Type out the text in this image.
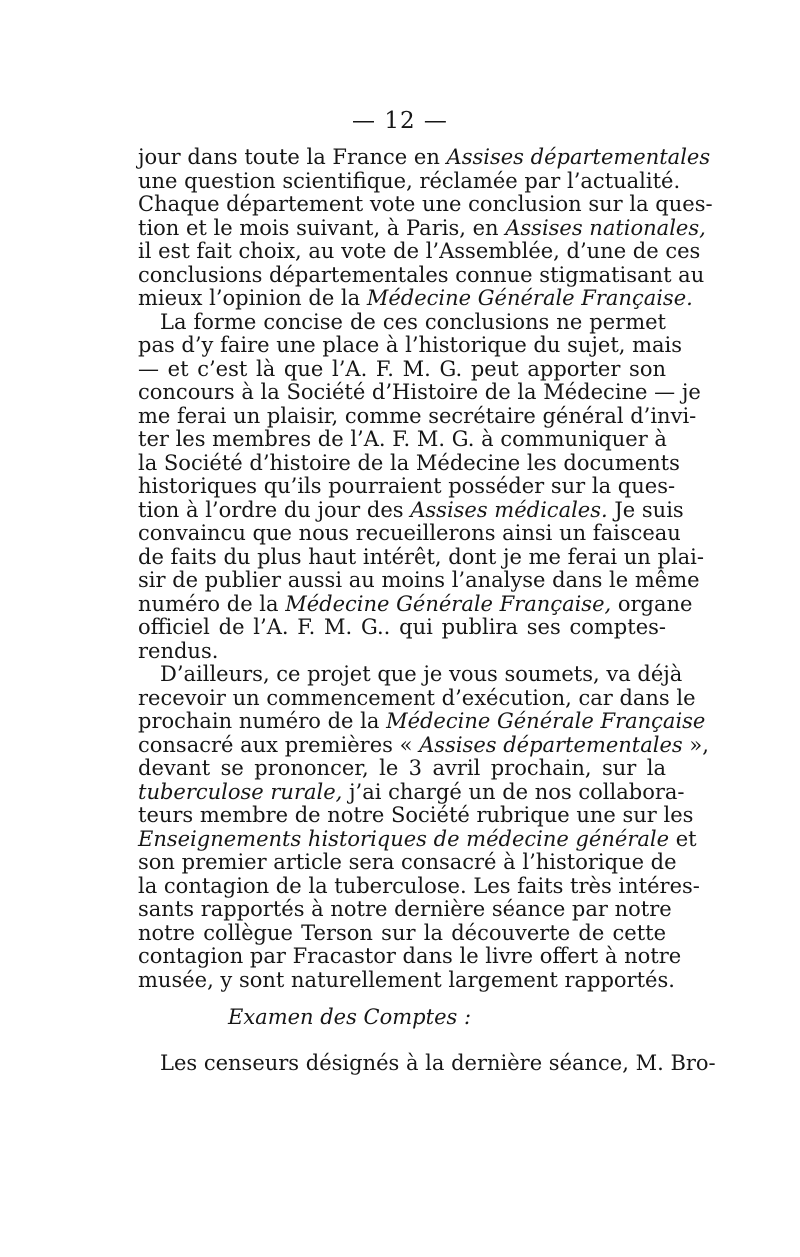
— 12 —
jour dans toute la France en Assises départementales
une question scientifique, réclamée par l’actualité.
Chaque département vote une conclusion sur la ques-
tion et le mois suivant, à Paris, en Assises nationales,
il est fait choix, au vote de l’Assemblée, d’une de ces
conclusions départementales connue stigmatisant au
mieux l’opinion de la Médecine Générale Française.
La forme concise de ces conclusions ne permet
pas d’y faire une place à l’historique du sujet, mais
— et c’est là que l’A. F. M. G. peut apporter son
concours à la Société d’Histoire de la Médecine — je
me ferai un plaisir, comme secrétaire général d’invi-
ter les membres de l’A. F. M. G. à communiquer à
la Société d’histoire de la Médecine les documents
historiques qu’ils pourraient posséder sur la ques-
tion à l’ordre du jour des Assises médicales. Je suis
convaincu que nous recueillerons ainsi un faisceau
de faits du plus haut intérêt, dont je me ferai un plai-
sir de publier aussi au moins l’analyse dans le même
numéro de la Médecine Générale Française, organe
officiel de l’A. F. M. G.. qui publira ses comptes-
rendus.
D’ailleurs, ce projet que je vous soumets, va déjà
recevoir un commencement d’exécution, car dans le
prochain numéro de la Médecine Générale Française
consacré aux premières « Assises départementales »,
devant se prononcer, le 3 avril prochain, sur la
tuberculose rurale, j’ai chargé un de nos collabora-
teurs membre de notre Société rubrique une sur les
Enseignements historiques de médecine générale et
son premier article sera consacré à l’historique de
la contagion de la tuberculose. Les faits très intéres-
sants rapportés à notre dernière séance par notre
notre collègue Terson sur la découverte de cette
contagion par Fracastor dans le livre offert à notre
musée, y sont naturellement largement rapportés.
Examen des Comptes :
Les censeurs désignés à la dernière séance, M. Bro-
